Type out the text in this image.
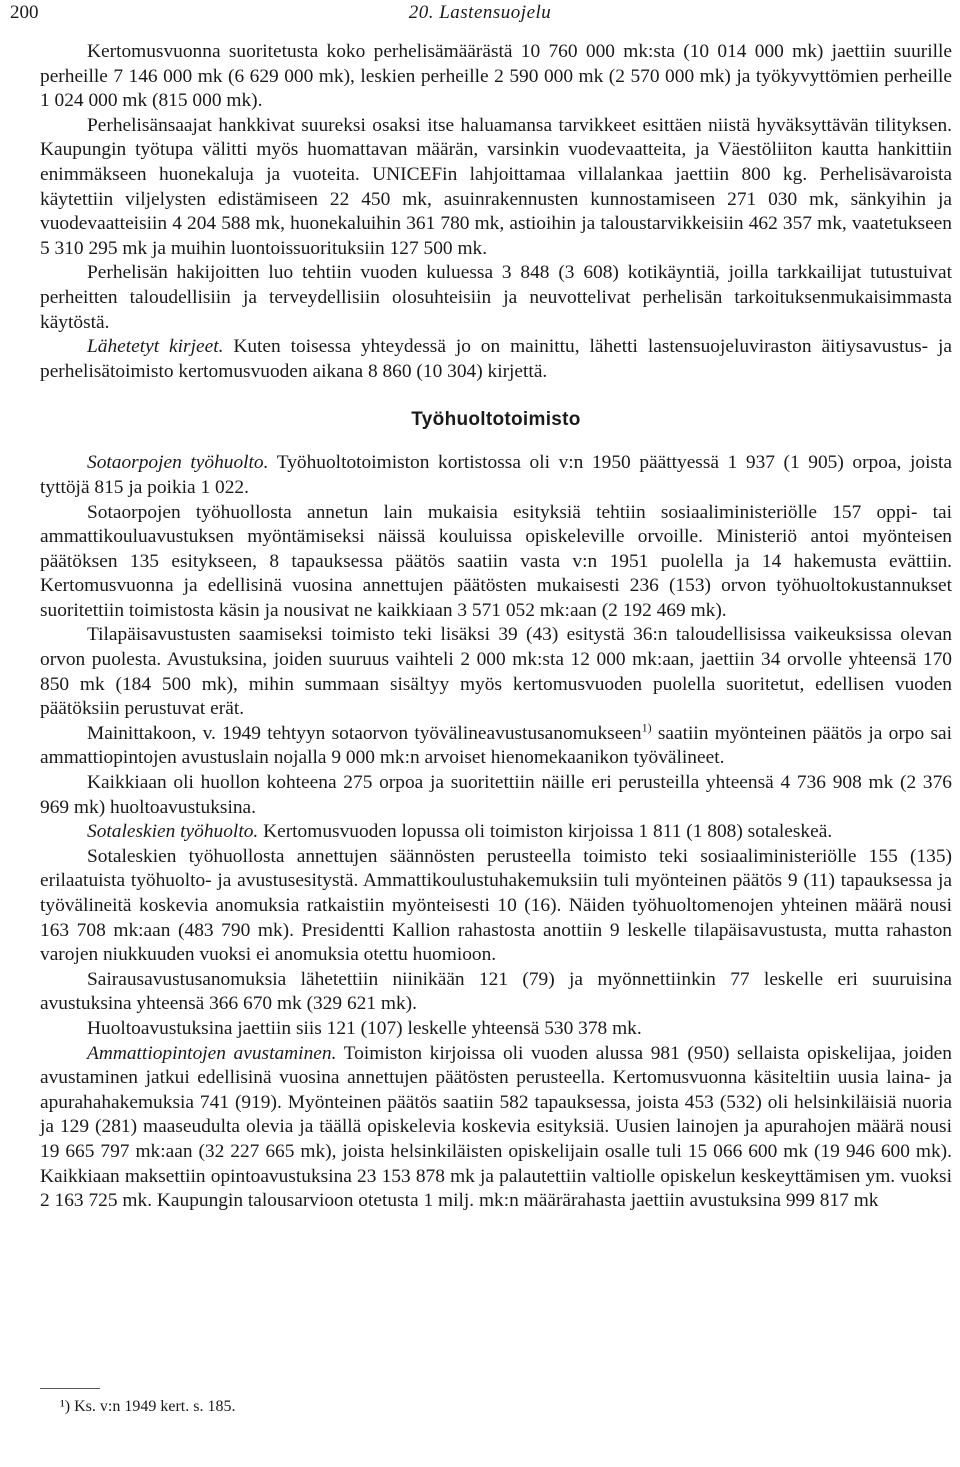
200	20. Lastensuojelu

Kertomusvuonna suoritetusta koko perhelisämäärästä 10 760 000 mk:sta (10 014 000 mk) jaettiin suurille perheille 7 146 000 mk (6 629 000 mk), leskien perheille 2 590 000 mk (2 570 000 mk) ja työkyvyttömien perheille 1 024 000 mk (815 000 mk).

Perhelisänsaajat hankkivat suureksi osaksi itse haluamansa tarvikkeet esittäen niistä hyväksyttävän tilityksen. Kaupungin työtupa välitti myös huomattavan määrän, varsinkin vuodevaatteita, ja Väestöliiton kautta hankittiin enimmäkseen huonekaluja ja vuoteita. UNICEFin lahjoittamaa villalankaa jaettiin 800 kg. Perhelisävaroista käytettiin viljelysten edistämiseen 22 450 mk, asuinrakennusten kunnostamiseen 271 030 mk, sänkyihin ja vuodevaatteisiin 4 204 588 mk, huonekaluihin 361 780 mk, astioihin ja taloustarvikkeisiin 462 357 mk, vaatetukseen 5 310 295 mk ja muihin luontoissuorituksiin 127 500 mk.

Perhelisän hakijoitten luo tehtiin vuoden kuluessa 3 848 (3 608) kotikäyntiä, joilla tarkkailijat tutustuivat perheitten taloudellisiin ja terveydellisiin olosuhteisiin ja neuvottelivat perhelisän tarkoituksenmukaisimmasta käytöstä.

Lähetetyt kirjeet. Kuten toisessa yhteydessä jo on mainittu, lähetti lastensuojeluviraston äitiysavustus- ja perhelisätoimisto kertomusvuoden aikana 8 860 (10 304) kirjettä.

Työhuoltotoimisto

Sotaorpojen työhuolto. Työhuoltotoimiston kortistossa oli v:n 1950 päättyessä 1 937 (1 905) orpoa, joista tyttöjä 815 ja poikia 1 022.

Sotaorpojen työhuollosta annetun lain mukaisia esityksiä tehtiin sosiaaliministeriölle 157 oppi- tai ammattikouluavustuksen myöntämiseksi näissä kouluissa opiskeleville orvoille. Ministeriö antoi myönteisen päätöksen 135 esitykseen, 8 tapauksessa päätös saatiin vasta v:n 1951 puolella ja 14 hakemusta evättiin. Kertomusvuonna ja edellisinä vuosina annettujen päätösten mukaisesti 236 (153) orvon työhuoltokustannukset suoritettiin toimistosta käsin ja nousivat ne kaikkiaan 3 571 052 mk:aan (2 192 469 mk).

Tilapäisavustusten saamiseksi toimisto teki lisäksi 39 (43) esitystä 36:n taloudellisissa vaikeuksissa olevan orvon puolesta. Avustuksina, joiden suuruus vaihteli 2 000 mk:sta 12 000 mk:aan, jaettiin 34 orvolle yhteensä 170 850 mk (184 500 mk), mihin summaan sisältyy myös kertomusvuoden puolella suoritetut, edellisen vuoden päätöksiin perustuvat erät.

Mainittakoon, v. 1949 tehtyyn sotaorvon työvälineavustusanomukseen$^{1)}$ saatiin myönteinen päätös ja orpo sai ammattiopintojen avustuslain nojalla 9 000 mk:n arvoiset hienomekaanikon työvälineet.

Kaikkiaan oli huollon kohteena 275 orpoa ja suoritettiin näille eri perusteilla yhteensä 4 736 908 mk (2 376 969 mk) huoltoavustuksina.

Sotaleskien työhuolto. Kertomusvuoden lopussa oli toimiston kirjoissa 1 811 (1 808) sotaleskeä.

Sotaleskien työhuollosta annettujen säännösten perusteella toimisto teki sosiaaliministeriölle 155 (135) erilaatuista työhuolto- ja avustusesitystä. Ammattikoulustuhakemuksiin tuli myönteinen päätös 9 (11) tapauksessa ja työvälineitä koskevia anomuksia ratkaistiin myönteisesti 10 (16). Näiden työhuoltomenojen yhteinen määrä nousi 163 708 mk:aan (483 790 mk). Presidentti Kallion rahastosta anottiin 9 leskelle tilapäisavustusta, mutta rahaston varojen niukkuuden vuoksi ei anomuksia otettu huomioon.

Sairausavustusanomuksia lähetettiin niinikään 121 (79) ja myönnettiinkin 77 leskelle eri suuruisina avustuksina yhteensä 366 670 mk (329 621 mk).

Huoltoavustuksina jaettiin siis 121 (107) leskelle yhteensä 530 378 mk.

Ammattiopintojen avustaminen. Toimiston kirjoissa oli vuoden alussa 981 (950) sellaista opiskelijaa, joiden avustaminen jatkui edellisinä vuosina annettujen päätösten perusteella. Kertomusvuonna käsiteltiin uusia laina- ja apurahahakemuksia 741 (919). Myönteinen päätös saatiin 582 tapauksessa, joista 453 (532) oli helsinkiläisiä nuoria ja 129 (281) maaseudulta olevia ja täällä opiskelevia koskevia esityksiä. Uusien lainojen ja apurahojen määrä nousi 19 665 797 mk:aan (32 227 665 mk), joista helsinkiläisten opiskelijain osalle tuli 15 066 600 mk (19 946 600 mk). Kaikkiaan maksettiin opintoavustuksina 23 153 878 mk ja palautettiin valtiolle opiskelun keskeyttämisen ym. vuoksi 2 163 725 mk. Kaupungin talousarvioon otetusta 1 milj. mk:n määrärahasta jaettiin avustuksina 999 817 mk

¹) Ks. v:n 1949 kert. s. 185.
